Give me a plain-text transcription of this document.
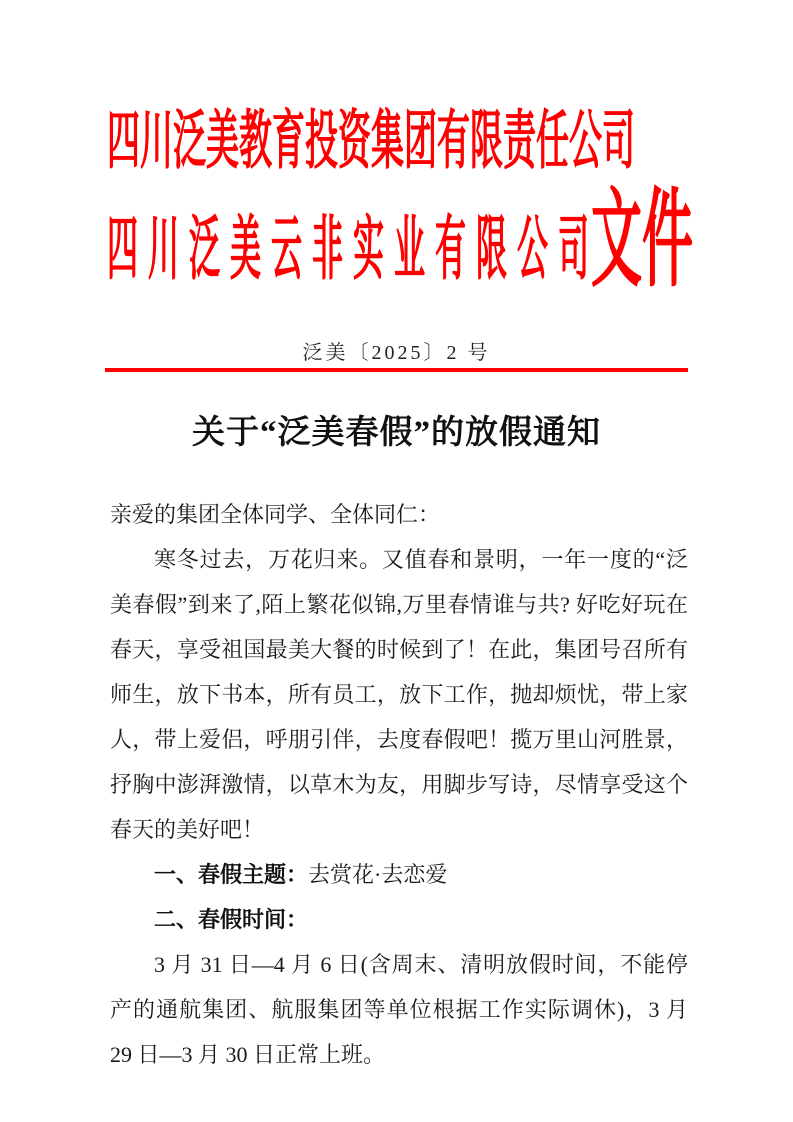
四川泛美教育投资集团有限责任公司
四川泛美云非实业有限公司
文件
泛美〔2025〕2 号
关于“泛美春假”的放假通知

亲爱的集团全体同学、全体同仁：

寒冬过去，万花归来。又值春和景明，一年一度的“泛美春假”到来了,陌上繁花似锦,万里春情谁与共? 好吃好玩在春天，享受祖国最美大餐的时候到了！在此，集团号召所有师生，放下书本，所有员工，放下工作，抛却烦忧，带上家人，带上爱侣，呼朋引伴，去度春假吧！揽万里山河胜景，抒胸中澎湃激情，以草木为友，用脚步写诗，尽情享受这个春天的美好吧！

一、春假主题：去赏花·去恋爱

二、春假时间：

3 月 31 日—4 月 6 日(含周末、清明放假时间，不能停产的通航集团、航服集团等单位根据工作实际调休)，3 月 29 日—3 月 30 日正常上班。
